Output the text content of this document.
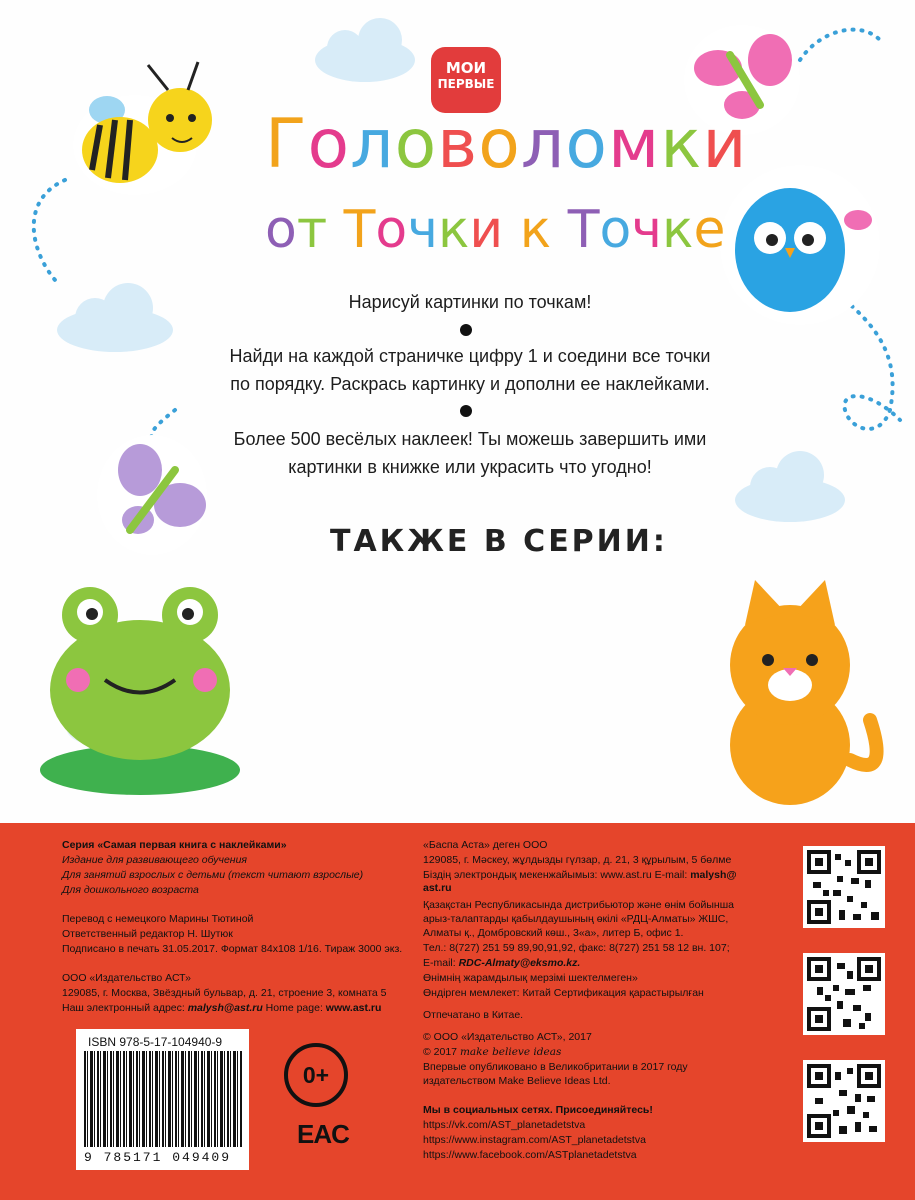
МОИ
ПЕРВЫЕ
Головоломки
от Точки к Точке
Нарисуй картинки по точкам!
Найди на каждой страничке цифру 1 и соедини все точки
по порядку. Раскрась картинку и дополни ее наклейками.
Более 500 весёлых наклеек! Ты можешь завершить ими
картинки в книжке или украсить что угодно!
ТАКЖЕ В СЕРИИ:
Серия «Самая первая книга с наклейками»
Издание для развивающего обучения
Для занятий взрослых с детьми (текст читают взрослые)
Для дошкольного возраста
Перевод с немецкого Марины Тютиной
Ответственный редактор Н. Шутюк
Подписано в печать 31.05.2017. Формат 84х108 1/16. Тираж 3000 экз.
ООО «Издательство АСТ»
129085, г. Москва, Звёздный бульвар, д. 21, строение 3, комната 5
Наш электронный адрес: malysh@ast.ru Home page: www.ast.ru
ISBN 978-5-17-104940-9
9 785171 049409
0+
EAC
«Баспа Аста» деген ООО
129085, г. Мәскеу, жұлдызды гүлзар, д. 21, 3 құрылым, 5 бөлме
Біздің электрондық мекенжайымыз: www.ast.ru E-mail: malysh@
ast.ru
Қазақстан Республикасында дистрибьютор және өнім бойынша
арыз-талаптарды қабылдаушының өкілі «РДЦ-Алматы» ЖШС,
Алматы қ., Домбровский көш., 3«а», литер Б, офис 1.
Тел.: 8(727) 251 59 89,90,91,92, факс: 8(727) 251 58 12 вн. 107;
E-mail: RDC-Almaty@eksmo.kz.
Өнімнің жарамдылық мерзімі шектелмеген»
Өндірген мемлекет: Китай Сертификация қарастырылған
Отпечатано в Китае.
© ООО «Издательство АСТ», 2017
© 2017 make believe ideas
Впервые опубликовано в Великобритании в 2017 году
издательством Make Believe Ideas Ltd.
Мы в социальных сетях. Присоединяйтесь!
https://vk.com/AST_planetadetstva
https://www.instagram.com/AST_planetadetstva
https://www.facebook.com/ASTplanetadetstva
